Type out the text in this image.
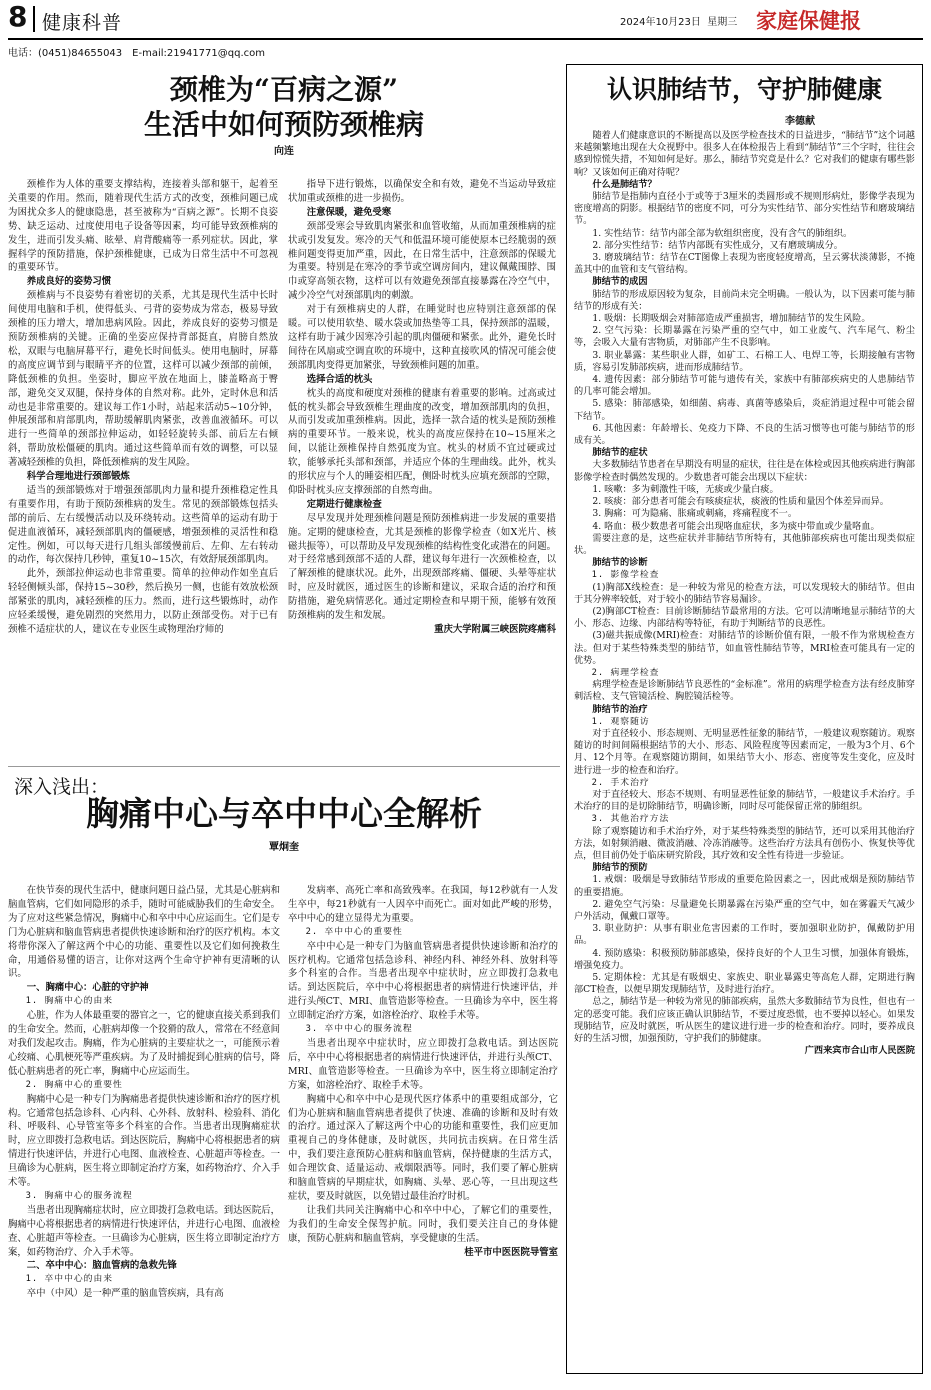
8 健康科普	2024年10月23日 星期三 家庭保健报
电话：(0451)84655043　E-mail:21941771@qq.com
颈椎为“百病之源”
生活中如何预防颈椎病
向连

颈椎作为人体的重要支撑结构，连接着头部和躯干，起着至关重要的作用。然而，随着现代生活方式的改变，颈椎问题已成为困扰众多人的健康隐患，甚至被称为“百病之源”。长期不良姿势、缺乏运动、过度使用电子设备等因素，均可能导致颈椎病的发生，进而引发头痛、眩晕、肩背酸痛等一系列症状。因此，掌握科学的预防措施，保护颈椎健康，已成为日常生活中不可忽视的重要环节。

养成良好的姿势习惯

颈椎病与不良姿势有着密切的关系，尤其是现代生活中长时间使用电脑和手机，使得低头、弓背的姿势成为常态，极易导致颈椎的压力增大，增加患病风险。因此，养成良好的姿势习惯是预防颈椎病的关键。正确的坐姿应保持背部挺直，肩膀自然放松，双眼与电脑屏幕平行，避免长时间低头。使用电脑时，屏幕的高度应调节到与眼睛平齐的位置，这样可以减少颈部的前倾，降低颈椎的负担。坐姿时，脚应平放在地面上，膝盖略高于臀部，避免交叉双腿，保持身体的自然对称。此外，定时休息和活动也是非常重要的。建议每工作1小时，站起来活动5~10分钟，伸展颈部和肩部肌肉，帮助缓解肌肉紧张，改善血液循环。可以进行一些简单的颈部拉伸运动，如轻轻旋转头部、前后左右倾斜，帮助放松僵硬的肌肉。通过这些简单而有效的调整，可以显著减轻颈椎的负担，降低颈椎病的发生风险。

科学合理地进行颈部锻炼

适当的颈部锻炼对于增强颈部肌肉力量和提升颈椎稳定性具有重要作用，有助于预防颈椎病的发生。常见的颈部锻炼包括头部的前后、左右缓慢活动以及环绕转动。这些简单的运动有助于促进血液循环，减轻颈部肌肉的僵硬感，增强颈椎的灵活性和稳定性。例如，可以每天进行几组头部缓慢前后、左仰、左右转动的动作，每次保持几秒钟，重复10~15次，有效舒展颈部肌肉。

此外，颈部拉伸运动也非常重要。简单的拉伸动作如坐直后轻轻侧倾头部，保持15~30秒，然后换另一侧，也能有效放松颈部紧张的肌肉，减轻颈椎的压力。然而，进行这些锻炼时，动作应轻柔缓慢，避免剧烈的突然用力，以防止颈部受伤。对于已有颈椎不适症状的人，建议在专业医生或物理治疗师的

指导下进行锻炼，以确保安全和有效，避免不当运动导致症状加重或颈椎的进一步损伤。

注意保暖，避免受寒

颈部受寒会导致肌肉紧张和血管收缩，从而加重颈椎病的症状或引发复发。寒冷的天气和低温环境可能使原本已经脆弱的颈椎问题变得更加严重，因此，在日常生活中，注意颈部的保暖尤为重要。特别是在寒冷的季节或空调房间内，建议佩戴围脖、围巾或穿高领衣物，这样可以有效避免颈部直接暴露在冷空气中，减少冷空气对颈部肌肉的刺激。

对于有颈椎病史的人群，在睡觉时也应特别注意颈部的保暖。可以使用软垫、暖水袋或加热垫等工具，保持颈部的温暖，这样有助于减少因寒冷引起的肌肉僵硬和紧张。此外，避免长时间待在风扇或空调直吹的环境中，这种直接吹风的情况可能会使颈部肌肉变得更加紧张，导致颈椎问题的加重。

选择合适的枕头

枕头的高度和硬度对颈椎的健康有着重要的影响。过高或过低的枕头都会导致颈椎生理曲度的改变，增加颈部肌肉的负担，从而引发或加重颈椎病。因此，选择一款合适的枕头是预防颈椎病的重要环节。一般来说，枕头的高度应保持在10~15厘米之间，以能让颈椎保持自然弧度为宜。枕头的材质不宜过硬或过软，能够承托头部和颈部，并适应个体的生理曲线。此外，枕头的形状应与个人的睡姿相匹配，侧卧时枕头应填充颈部的空隙，仰卧时枕头应支撑颈部的自然弯曲。

定期进行健康检查

尽早发现并处理颈椎问题是预防颈椎病进一步发展的重要措施。定期的健康检查，尤其是颈椎的影像学检查（如X光片、核磁共振等），可以帮助及早发现颈椎的结构性变化或潜在的问题。对于经常感到颈部不适的人群，建议每年进行一次颈椎检查，以了解颈椎的健康状况。此外，出现颈部疼痛、僵硬、头晕等症状时，应及时就医，通过医生的诊断和建议，采取合适的治疗和预防措施，避免病情恶化。通过定期检查和早期干预，能够有效预防颈椎病的发生和发展。

重庆大学附属三峡医院疼痛科

深入浅出：
胸痛中心与卒中中心全解析
覃炯奎

在快节奏的现代生活中，健康问题日益凸显，尤其是心脏病和脑血管病，它们如同隐形的杀手，随时可能威胁我们的生命安全。为了应对这些紧急情况，胸痛中心和卒中中心应运而生。它们是专门为心脏病和脑血管病患者提供快速诊断和治疗的医疗机构。本文将带你深入了解这两个中心的功能、重要性以及它们如何挽救生命，用通俗易懂的语言，让你对这两个生命守护神有更清晰的认识。

一、胸痛中心：心脏的守护神

1. 胸痛中心的由来

心脏，作为人体最重要的器官之一，它的健康直接关系到我们的生命安全。然而，心脏病却像一个狡猾的敌人，常常在不经意间对我们发起攻击。胸痛，作为心脏病的主要症状之一，可能预示着心绞痛、心肌梗死等严重疾病。为了及时捕捉到心脏病的信号，降低心脏病患者的死亡率，胸痛中心应运而生。

2. 胸痛中心的重要性

胸痛中心是一种专门为胸痛患者提供快速诊断和治疗的医疗机构。它通常包括急诊科、心内科、心外科、放射科、检验科、消化科、呼吸科、心导管室等多个科室的合作。当患者出现胸痛症状时，应立即拨打急救电话。到达医院后，胸痛中心将根据患者的病情进行快速评估，并进行心电图、血液检查、心脏超声等检查。一旦确诊为心脏病，医生将立即制定治疗方案，如药物治疗、介入手术等。

3. 胸痛中心的服务流程

当患者出现胸痛症状时，应立即拨打急救电话。到达医院后，胸痛中心将根据患者的病情进行快速评估，并进行心电图、血液检查、心脏超声等检查。一旦确诊为心脏病，医生将立即制定治疗方案，如药物治疗、介入手术等。

二、卒中中心：脑血管病的急救先锋

1. 卒中中心的由来

卒中（中风）是一种严重的脑血管疾病，具有高

发病率、高死亡率和高致残率。在我国，每12秒就有一人发生卒中，每21秒就有一人因卒中而死亡。面对如此严峻的形势，卒中中心的建立显得尤为重要。

2. 卒中中心的重要性

卒中中心是一种专门为脑血管病患者提供快速诊断和治疗的医疗机构。它通常包括急诊科、神经内科、神经外科、放射科等多个科室的合作。当患者出现卒中症状时，应立即拨打急救电话。到达医院后，卒中中心将根据患者的病情进行快速评估，并进行头颅CT、MRI、血管造影等检查。一旦确诊为卒中，医生将立即制定治疗方案，如溶栓治疗、取栓手术等。

3. 卒中中心的服务流程

当患者出现卒中症状时，应立即拨打急救电话。到达医院后，卒中中心将根据患者的病情进行快速评估，并进行头颅CT、MRI、血管造影等检查。一旦确诊为卒中，医生将立即制定治疗方案，如溶栓治疗、取栓手术等。

胸痛中心和卒中中心是现代医疗体系中的重要组成部分，它们为心脏病和脑血管病患者提供了快速、准确的诊断和及时有效的治疗。通过深入了解这两个中心的功能和重要性，我们应更加重视自己的身体健康，及时就医，共同抗击疾病。在日常生活中，我们要注意预防心脏病和脑血管病，保持健康的生活方式，如合理饮食、适量运动、戒烟限酒等。同时，我们要了解心脏病和脑血管病的早期症状，如胸痛、头晕、恶心等，一旦出现这些症状，要及时就医，以免错过最佳治疗时机。

让我们共同关注胸痛中心和卒中中心，了解它们的重要性，为我们的生命安全保驾护航。同时，我们要关注自己的身体健康，预防心脏病和脑血管病，享受健康的生活。

桂平市中医医院导管室

认识肺结节，守护肺健康
李德献

随着人们健康意识的不断提高以及医学检查技术的日益进步，“肺结节”这个词越来越频繁地出现在大众视野中。很多人在体检报告上看到“肺结节”三个字时，往往会感到惊慌失措，不知如何是好。那么，肺结节究竟是什么？它对我们的健康有哪些影响？又该如何正确对待呢？

什么是肺结节？

肺结节是指肺内直径小于或等于3厘米的类圆形或不规则形病灶，影像学表现为密度增高的阴影。根据结节的密度不同，可分为实性结节、部分实性结节和磨玻璃结节。

1. 实性结节：结节内部全部为软组织密度，没有含气的肺组织。

2. 部分实性结节：结节内部既有实性成分，又有磨玻璃成分。

3. 磨玻璃结节：结节在CT图像上表现为密度轻度增高，呈云雾状淡薄影，不掩盖其中的血管和支气管结构。

肺结节的成因

肺结节的形成原因较为复杂，目前尚未完全明确。一般认为，以下因素可能与肺结节的形成有关：

1. 吸烟：长期吸烟会对肺部造成严重损害，增加肺结节的发生风险。

2. 空气污染：长期暴露在污染严重的空气中，如工业废气、汽车尾气、粉尘等，会吸入大量有害物质，对肺部产生不良影响。

3. 职业暴露：某些职业人群，如矿工、石棉工人、电焊工等，长期接触有害物质，容易引发肺部疾病，进而形成肺结节。

4. 遗传因素：部分肺结节可能与遗传有关，家族中有肺部疾病史的人患肺结节的几率可能会增加。

5. 感染：肺部感染，如细菌、病毒、真菌等感染后，炎症消退过程中可能会留下结节。

6. 其他因素：年龄增长、免疫力下降、不良的生活习惯等也可能与肺结节的形成有关。

肺结节的症状

大多数肺结节患者在早期没有明显的症状，往往是在体检或因其他疾病进行胸部影像学检查时偶然发现的。少数患者可能会出现以下症状：

1. 咳嗽：多为刺激性干咳，无痰或少量白痰。

2. 咳痰：部分患者可能会有咳痰症状，痰液的性质和量因个体差异而异。

3. 胸痛：可为隐痛、胀痛或刺痛，疼痛程度不一。

4. 咯血：极少数患者可能会出现咯血症状，多为痰中带血或少量咯血。

需要注意的是，这些症状并非肺结节所特有，其他肺部疾病也可能出现类似症状。

肺结节的诊断

1. 影像学检查

(1)胸部X线检查：是一种较为常见的检查方法，可以发现较大的肺结节。但由于其分辨率较低，对于较小的肺结节容易漏诊。

(2)胸部CT检查：目前诊断肺结节最常用的方法。它可以清晰地显示肺结节的大小、形态、边缘、内部结构等特征，有助于判断结节的良恶性。

(3)磁共振成像(MRI)检查：对肺结节的诊断价值有限，一般不作为常规检查方法。但对于某些特殊类型的肺结节，如血管性肺结节等，MRI检查可能具有一定的优势。

2. 病理学检查

病理学检查是诊断肺结节良恶性的“金标准”。常用的病理学检查方法有经皮肺穿刺活检、支气管镜活检、胸腔镜活检等。

肺结节的治疗

1. 观察随访

对于直径较小、形态规则、无明显恶性征象的肺结节，一般建议观察随访。观察随访的时间间隔根据结节的大小、形态、风险程度等因素而定，一般为3个月、6个月、12个月等。在观察随访期间，如果结节大小、形态、密度等发生变化，应及时进行进一步的检查和治疗。

2. 手术治疗

对于直径较大、形态不规则、有明显恶性征象的肺结节，一般建议手术治疗。手术治疗的目的是切除肺结节，明确诊断，同时尽可能保留正常的肺组织。

3. 其他治疗方法

除了观察随访和手术治疗外，对于某些特殊类型的肺结节，还可以采用其他治疗方法，如射频消融、微波消融、冷冻消融等。这些治疗方法具有创伤小、恢复快等优点，但目前仍处于临床研究阶段，其疗效和安全性有待进一步验证。

肺结节的预防

1. 戒烟：吸烟是导致肺结节形成的重要危险因素之一，因此戒烟是预防肺结节的重要措施。

2. 避免空气污染：尽量避免长期暴露在污染严重的空气中，如在雾霾天气减少户外活动，佩戴口罩等。

3. 职业防护：从事有职业危害因素的工作时，要加强职业防护，佩戴防护用品。

4. 预防感染：积极预防肺部感染，保持良好的个人卫生习惯，加强体育锻炼，增强免疫力。

5. 定期体检：尤其是有吸烟史、家族史、职业暴露史等高危人群，定期进行胸部CT检查，以便早期发现肺结节，及时进行治疗。

总之，肺结节是一种较为常见的肺部疾病，虽然大多数肺结节为良性，但也有一定的恶变可能。我们应该正确认识肺结节，不要过度恐慌，也不要掉以轻心。如果发现肺结节，应及时就医，听从医生的建议进行进一步的检查和治疗。同时，要养成良好的生活习惯，加强预防，守护我们的肺健康。

广西来宾市合山市人民医院
